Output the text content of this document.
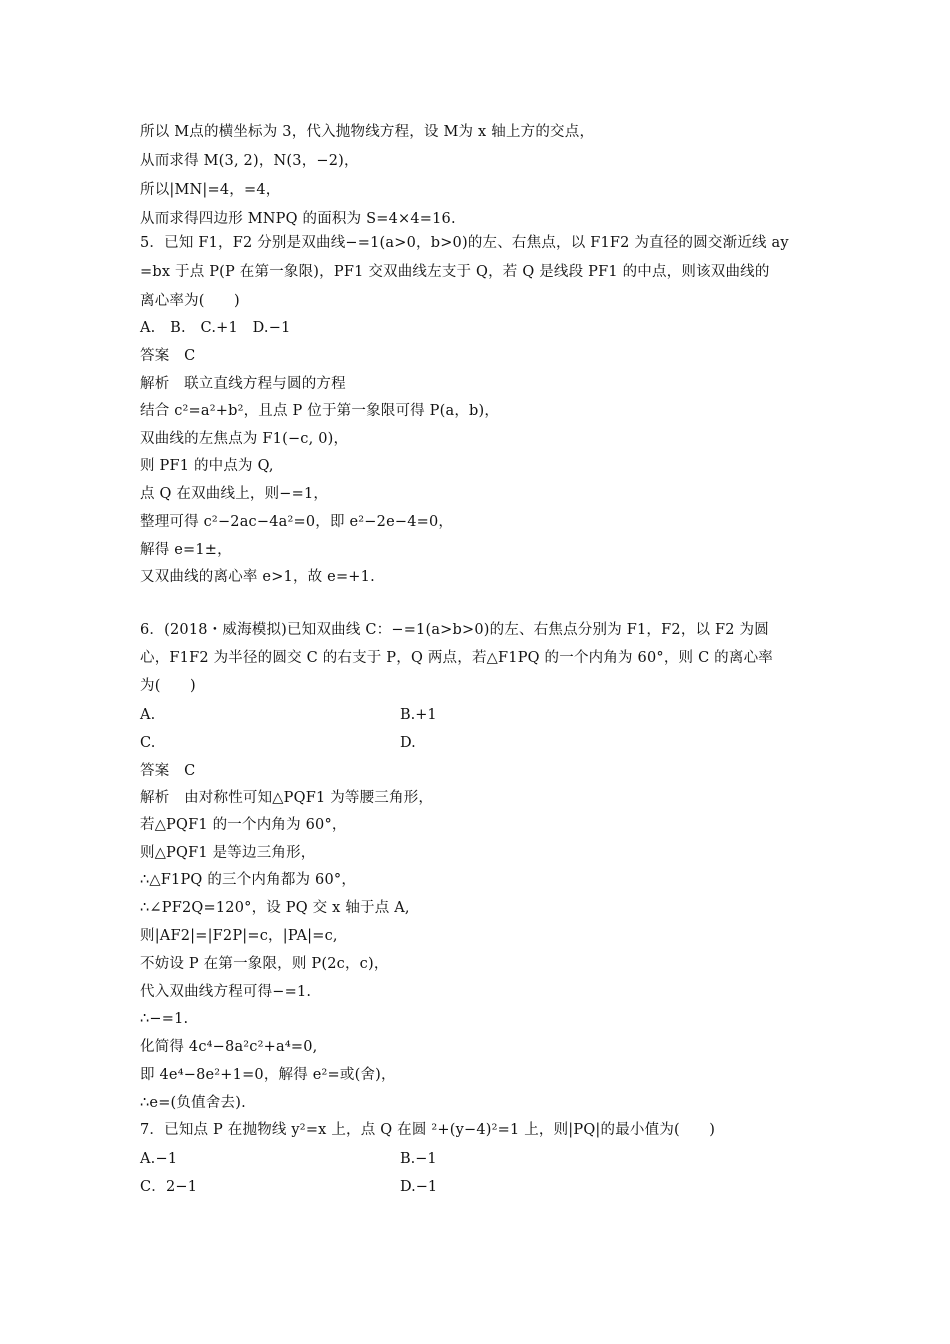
所以 M点的横坐标为 3，代入抛物线方程，设 M为 x 轴上方的交点，
从而求得 M(3, 2)，N(3，−2)，
所以|MN|=4，=4，
从而求得四边形 MNPQ 的面积为 S=4×4=16.
5．已知 F1，F2 分别是双曲线−=1(a>0，b>0)的左、右焦点，以 F1F2 为直径的圆交渐近线 ay
=bx 于点 P(P 在第一象限)，PF1 交双曲线左支于 Q，若 Q 是线段 PF1 的中点，则该双曲线的
离心率为(　　)
A.　B.　C.+1　D.−1
答案　C
解析　联立直线方程与圆的方程
结合 c²=a²+b²，且点 P 位于第一象限可得 P(a，b)，
双曲线的左焦点为 F1(−c, 0)，
则 PF1 的中点为 Q,
点 Q 在双曲线上，则−=1，
整理可得 c²−2ac−4a²=0，即 e²−2e−4=0，
解得 e=1±，
又双曲线的离心率 e>1，故 e=+1.
6．(2018・威海模拟)已知双曲线 C：−=1(a>b>0)的左、右焦点分别为 F1，F2，以 F2 为圆
心，F1F2 为半径的圆交 C 的右支于 P，Q 两点，若△F1PQ 的一个内角为 60°，则 C 的离心率
为(　　)
A.	B.+1
C.	D.
答案　C
解析　由对称性可知△PQF1 为等腰三角形，
若△PQF1 的一个内角为 60°，
则△PQF1 是等边三角形，
∴△F1PQ 的三个内角都为 60°，
∴∠PF2Q=120°，设 PQ 交 x 轴于点 A,
则|AF2|=|F2P|=c，|PA|=c,
不妨设 P 在第一象限，则 P(2c，c)，
代入双曲线方程可得−=1.
∴−=1.
化简得 4c⁴−8a²c²+a⁴=0,
即 4e⁴−8e²+1=0，解得 e²=或(舍)，
∴e=(负值舍去).
7．已知点 P 在抛物线 y²=x 上，点 Q 在圆 ²+(y−4)²=1 上，则|PQ|的最小值为(　　)
A.−1	B.−1
C．2−1	D.−1
